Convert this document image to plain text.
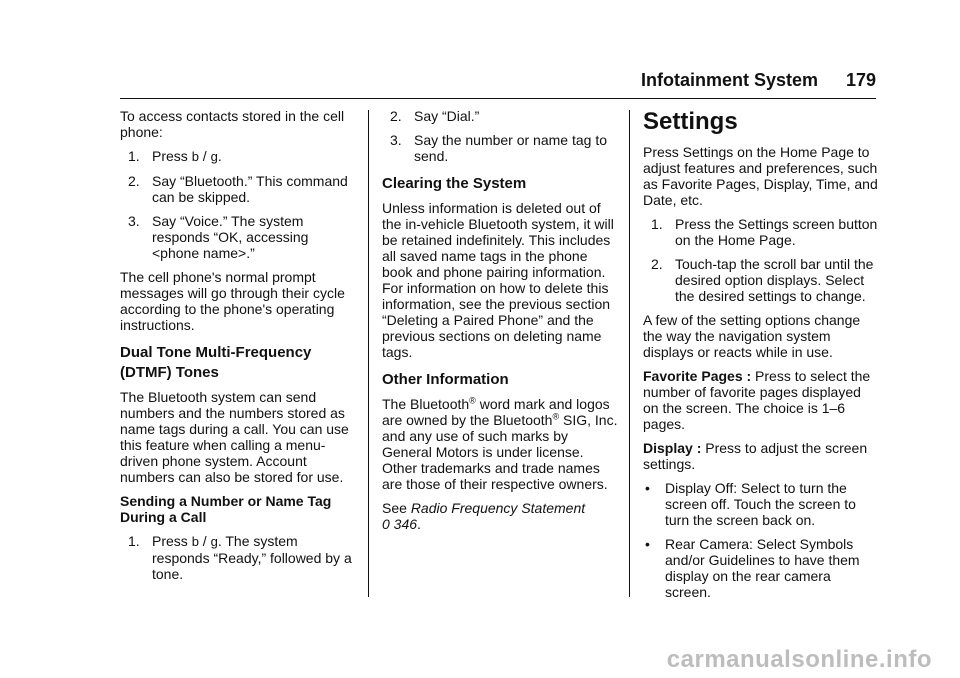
Infotainment System 179

To access contacts stored in the cell phone:

1. Press b / g.
2. Say “Bluetooth.” This command can be skipped.
3. Say “Voice.” The system responds “OK, accessing <phone name>.”

The cell phone's normal prompt messages will go through their cycle according to the phone's operating instructions.

Dual Tone Multi-Frequency (DTMF) Tones

The Bluetooth system can send numbers and the numbers stored as name tags during a call. You can use this feature when calling a menu-driven phone system. Account numbers can also be stored for use.

Sending a Number or Name Tag During a Call
1. Press b / g. The system responds “Ready,” followed by a tone.
2. Say “Dial.”
3. Say the number or name tag to send.
Clearing the System

Unless information is deleted out of the in-vehicle Bluetooth system, it will be retained indefinitely. This includes all saved name tags in the phone book and phone pairing information. For information on how to delete this information, see the previous section “Deleting a Paired Phone” and the previous sections on deleting name tags.

Other Information

The Bluetooth® word mark and logos are owned by the Bluetooth® SIG, Inc. and any use of such marks by General Motors is under license. Other trademarks and trade names are those of their respective owners.

See Radio Frequency Statement
0 346.

Settings

Press Settings on the Home Page to adjust features and preferences, such as Favorite Pages, Display, Time, and Date, etc.

1. Press the Settings screen button on the Home Page.
2. Touch-tap the scroll bar until the desired option displays. Select the desired settings to change.

A few of the setting options change the way the navigation system displays or reacts while in use.

Favorite Pages : Press to select the number of favorite pages displayed on the screen. The choice is 1–6 pages.

Display : Press to adjust the screen settings.

• Display Off: Select to turn the screen off. Touch the screen to turn the screen back on.
• Rear Camera: Select Symbols and/or Guidelines to have them display on the rear camera screen.
carmanualsonline.info
